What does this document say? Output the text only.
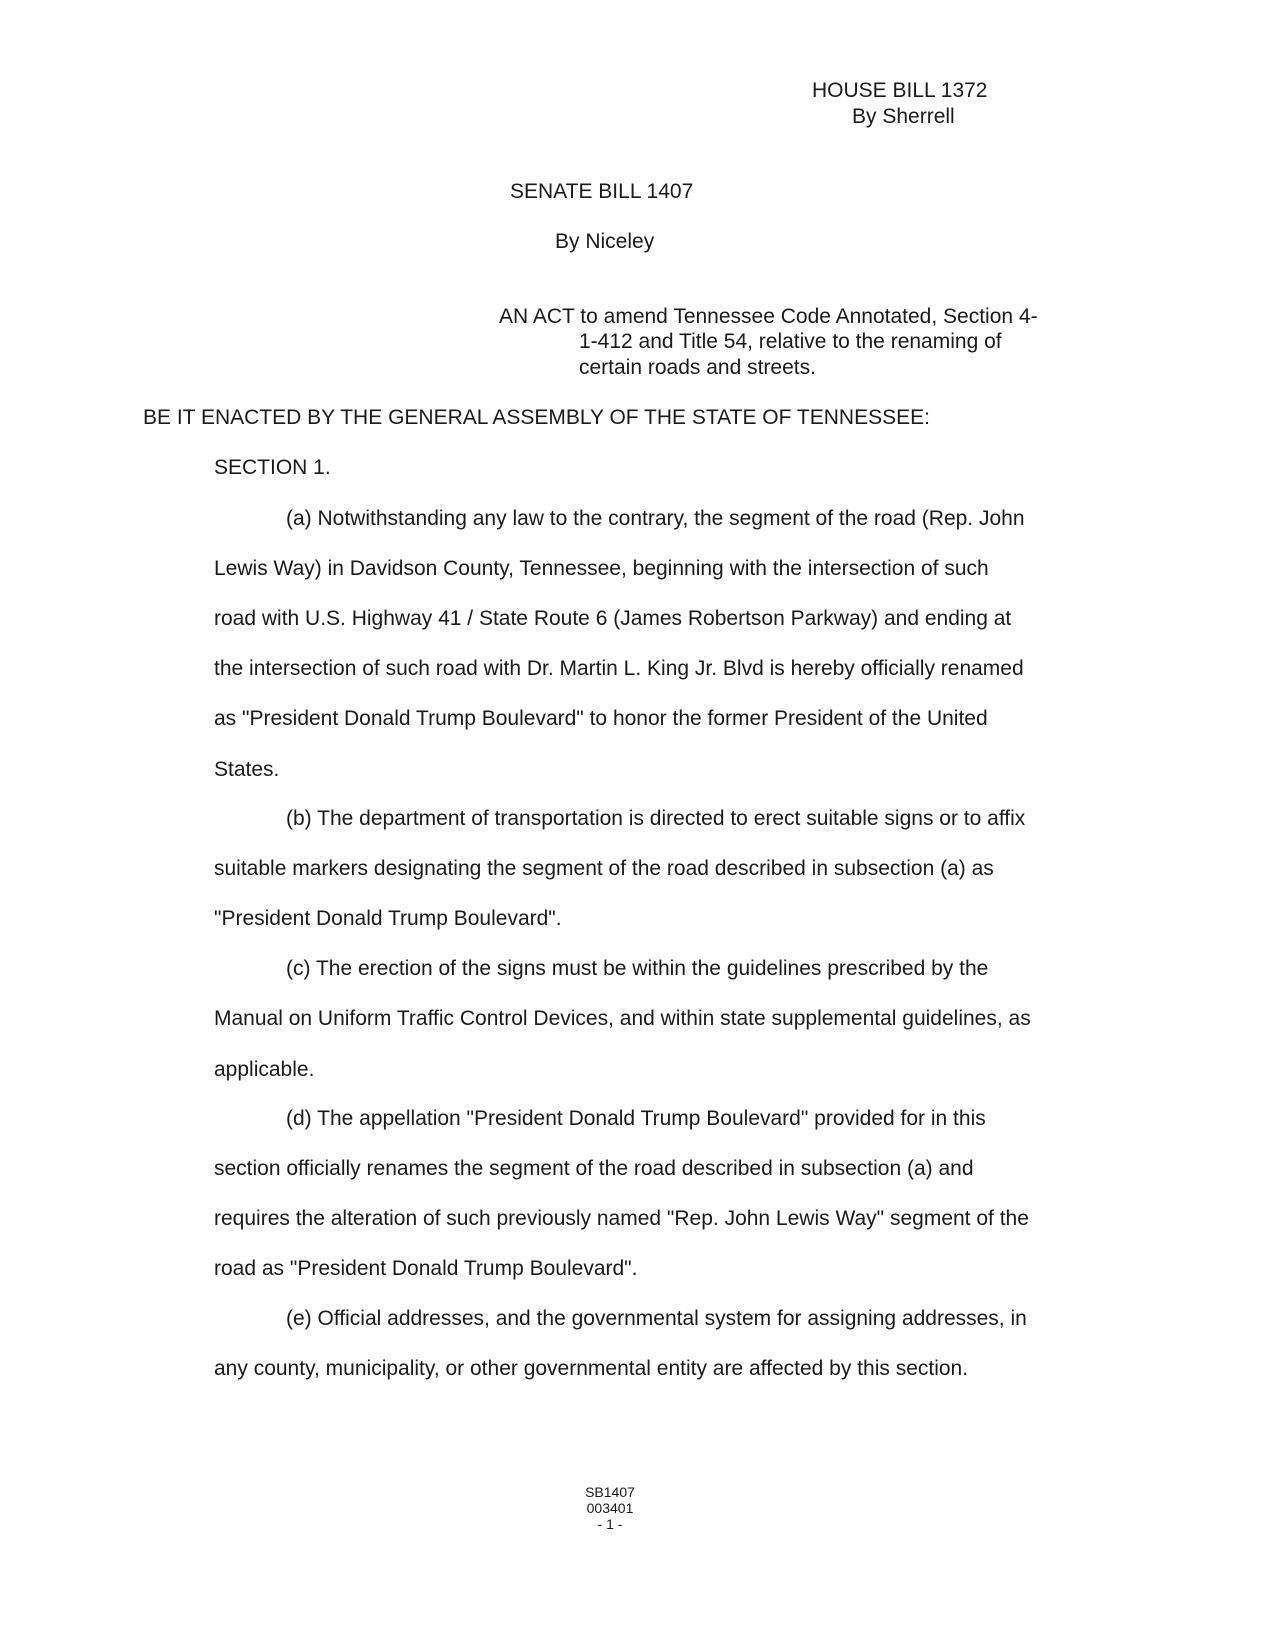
HOUSE BILL 1372
By Sherrell
SENATE BILL 1407
By Niceley
AN ACT to amend Tennessee Code Annotated, Section 4-
1-412 and Title 54, relative to the renaming of
certain roads and streets.
BE IT ENACTED BY THE GENERAL ASSEMBLY OF THE STATE OF TENNESSEE:
SECTION 1.
(a) Notwithstanding any law to the contrary, the segment of the road (Rep. John
Lewis Way) in Davidson County, Tennessee, beginning with the intersection of such
road with U.S. Highway 41 / State Route 6 (James Robertson Parkway) and ending at
the intersection of such road with Dr. Martin L. King Jr. Blvd is hereby officially renamed
as "President Donald Trump Boulevard" to honor the former President of the United
States.
(b) The department of transportation is directed to erect suitable signs or to affix
suitable markers designating the segment of the road described in subsection (a) as
"President Donald Trump Boulevard".
(c) The erection of the signs must be within the guidelines prescribed by the
Manual on Uniform Traffic Control Devices, and within state supplemental guidelines, as
applicable.
(d) The appellation "President Donald Trump Boulevard" provided for in this
section officially renames the segment of the road described in subsection (a) and
requires the alteration of such previously named "Rep. John Lewis Way" segment of the
road as "President Donald Trump Boulevard".
(e) Official addresses, and the governmental system for assigning addresses, in
any county, municipality, or other governmental entity are affected by this section.
SB1407
003401
- 1 -
